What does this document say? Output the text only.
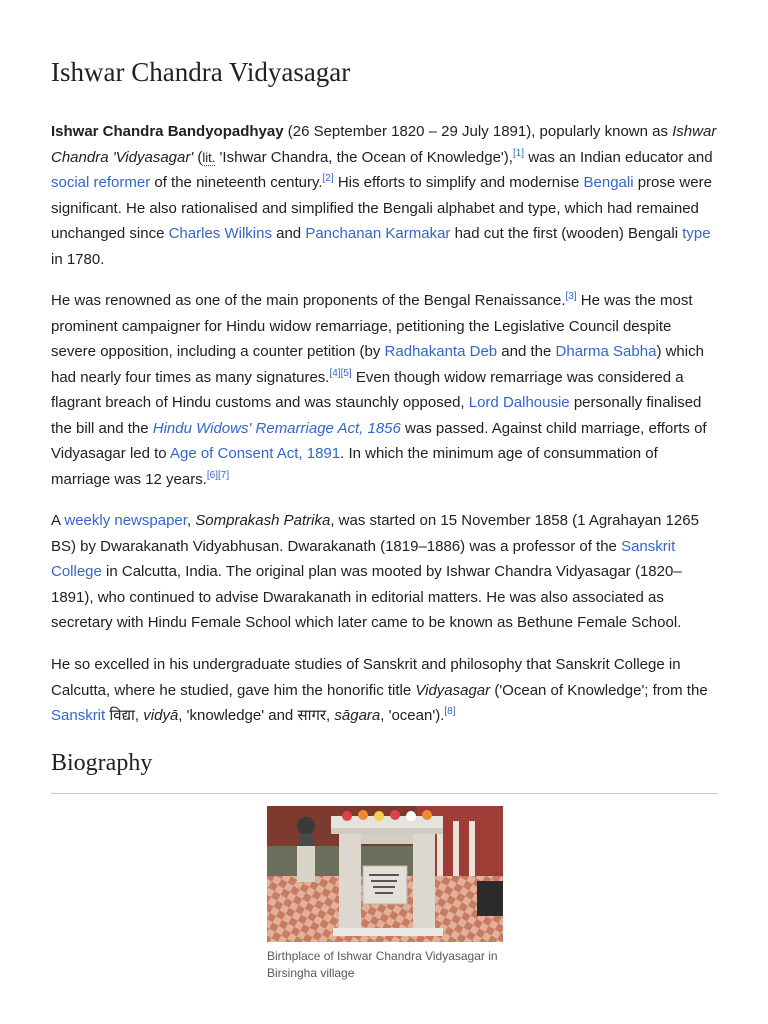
Ishwar Chandra Vidyasagar

Ishwar Chandra Bandyopadhyay (26 September 1820 – 29 July 1891), popularly known as Ishwar Chandra 'Vidyasagar' (lit. 'Ishwar Chandra, the Ocean of Knowledge'),[1] was an Indian educator and social reformer of the nineteenth century.[2] His efforts to simplify and modernise Bengali prose were significant. He also rationalised and simplified the Bengali alphabet and type, which had remained unchanged since Charles Wilkins and Panchanan Karmakar had cut the first (wooden) Bengali type in 1780.

He was renowned as one of the main proponents of the Bengal Renaissance.[3] He was the most prominent campaigner for Hindu widow remarriage, petitioning the Legislative Council despite severe opposition, including a counter petition (by Radhakanta Deb and the Dharma Sabha) which had nearly four times as many signatures.[4][5] Even though widow remarriage was considered a flagrant breach of Hindu customs and was staunchly opposed, Lord Dalhousie personally finalised the bill and the Hindu Widows' Remarriage Act, 1856 was passed. Against child marriage, efforts of Vidyasagar led to Age of Consent Act, 1891. In which the minimum age of consummation of marriage was 12 years.[6][7]

A weekly newspaper, Somprakash Patrika, was started on 15 November 1858 (1 Agrahayan 1265 BS) by Dwarakanath Vidyabhusan. Dwarakanath (1819–1886) was a professor of the Sanskrit College in Calcutta, India. The original plan was mooted by Ishwar Chandra Vidyasagar (1820–1891), who continued to advise Dwarakanath in editorial matters. He was also associated as secretary with Hindu Female School which later came to be known as Bethune Female School.

He so excelled in his undergraduate studies of Sanskrit and philosophy that Sanskrit College in Calcutta, where he studied, gave him the honorific title Vidyasagar ('Ocean of Knowledge'; from the Sanskrit विद्या, vidyā, 'knowledge' and सागर, sāgara, 'ocean').[8]

Biography
Birthplace of Ishwar Chandra Vidyasagar in Birsingha village
